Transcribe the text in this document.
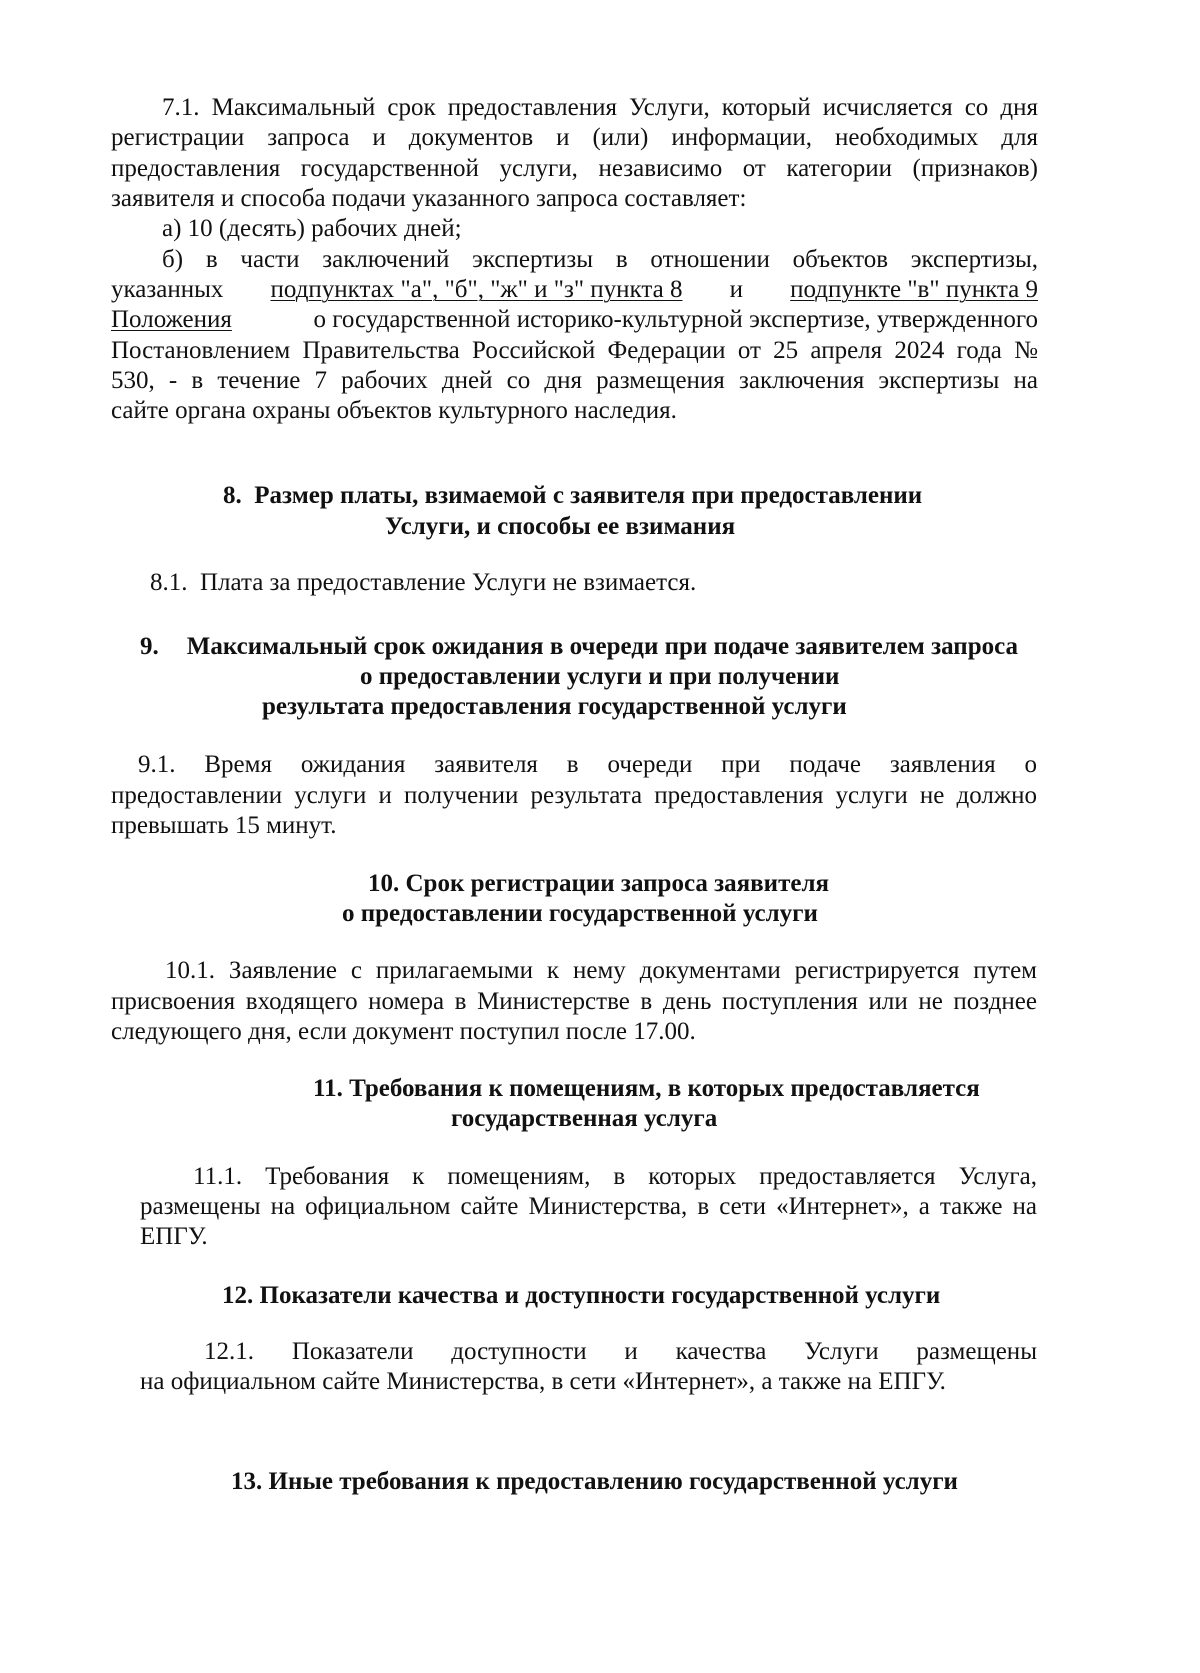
7.1. Максимальный срок предоставления Услуги, который исчисляется со дня
регистрации запроса и документов и (или) информации, необходимых для
предоставления государственной услуги, независимо от категории (признаков)
заявителя и способа подачи указанного запроса составляет:
а) 10 (десять) рабочих дней;
б) в части заключений экспертизы в отношении объектов экспертизы,
указанных подпунктах "а", "б", "ж" и "з" пункта 8 и подпункте "в" пункта 9
Положения	о государственной историко-культурной экспертизе, утвержденного
Постановлением Правительства Российской Федерации от 25 апреля 2024 года №
530, - в течение 7 рабочих дней со дня размещения заключения экспертизы на
сайте органа охраны объектов культурного наследия.
8. Размер платы, взимаемой с заявителя при предоставлении
Услуги, и способы ее взимания
8.1. Плата за предоставление Услуги не взимается.
9. Максимальный срок ожидания в очереди при подаче заявителем запроса
о предоставлении услуги и при получении
результата предоставления государственной услуги
9.1. Время ожидания заявителя в очереди при подаче заявления о
предоставлении услуги и получении результата предоставления услуги не должно
превышать 15 минут.
10. Срок регистрации запроса заявителя
о предоставлении государственной услуги
10.1. Заявление с прилагаемыми к нему документами регистрируется путем
присвоения входящего номера в Министерстве в день поступления или не позднее
следующего дня, если документ поступил после 17.00.
11. Требования к помещениям, в которых предоставляется
государственная услуга
11.1. Требования к помещениям, в которых предоставляется Услуга,
размещены на официальном сайте Министерства, в сети «Интернет», а также на
ЕПГУ.
12. Показатели качества и доступности государственной услуги
12.1. Показатели доступности и качества Услуги размещены
на официальном сайте Министерства, в сети «Интернет», а также на ЕПГУ.
13. Иные требования к предоставлению государственной услуги
